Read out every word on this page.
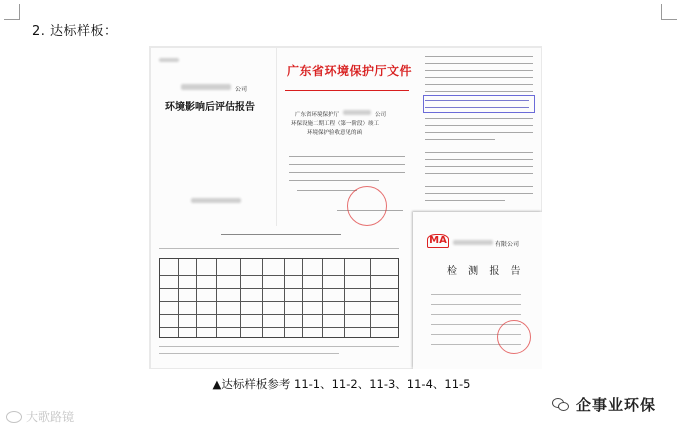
2. 达标样板：
公司
环境影响后评估报告
广东省环境保护厅文件
广东省环境保护厅	公司
环保设施二期工程（第一阶段）竣工
环境保护验收意见的函
MA	有限公司
检 测 报 告
▲达标样板参考 11-1、11-2、11-3、11-4、11-5
大歌路镜
企事业环保
